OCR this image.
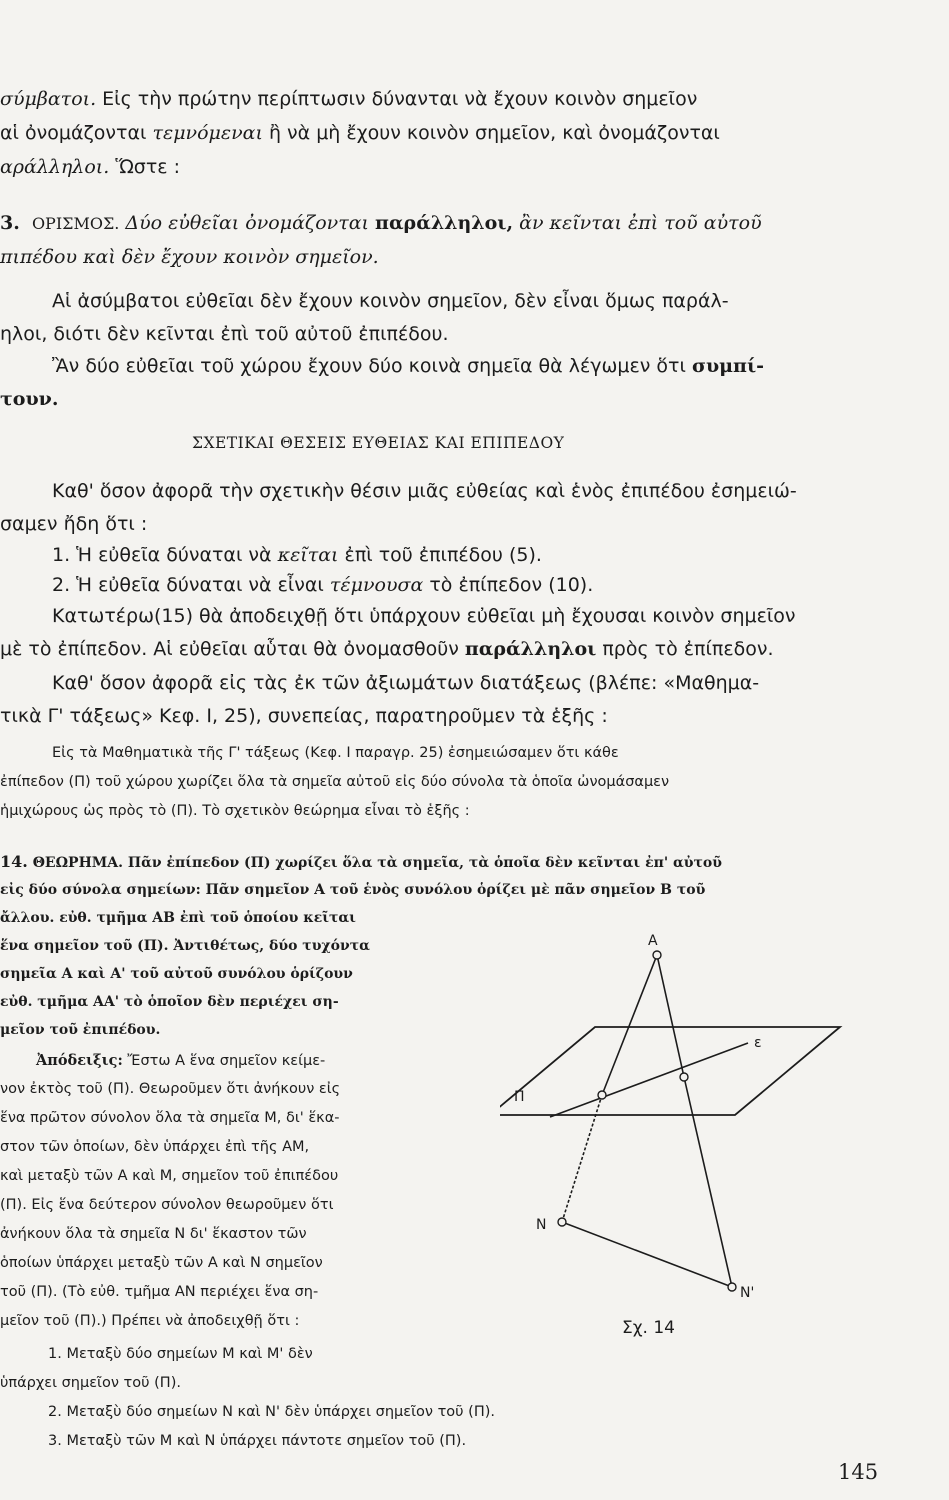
σύμβατοι. Εἰς τὴν πρώτην περίπτωσιν δύνανται νὰ ἔχουν κοινὸν σημεῖον

αἱ ὀνομάζονται τεμνόμεναι ἢ νὰ μὴ ἔχουν κοινὸν σημεῖον, καὶ ὀνομάζονται

αράλληλοι. Ὥστε :

3. ΟΡΙΣΜΟΣ. Δύο εὐθεῖαι ὀνομάζονται παράλληλοι, ἂν κεῖνται ἐπὶ τοῦ αὐτοῦ

πιπέδου καὶ δὲν ἔχουν κοινὸν σημεῖον.

Αἱ ἀσύμβατοι εὐθεῖαι δὲν ἔχουν κοινὸν σημεῖον, δὲν εἶναι ὅμως παράλ-

ηλοι, διότι δὲν κεῖνται ἐπὶ τοῦ αὐτοῦ ἐπιπέδου.

Ἂν δύο εὐθεῖαι τοῦ χώρου ἔχουν δύο κοινὰ σημεῖα θὰ λέγωμεν ὅτι συμπί-

τουν.

ΣΧΕΤΙΚΑΙ ΘΕΣΕΙΣ ΕΥΘΕΙΑΣ ΚΑΙ ΕΠΙΠΕΔΟΥ

Καθ' ὅσον ἀφορᾶ τὴν σχετικὴν θέσιν μιᾶς εὐθείας καὶ ἑνὸς ἐπιπέδου ἐσημειώ-

σαμεν ἤδη ὅτι :

1. Ἡ εὐθεῖα δύναται νὰ κεῖται ἐπὶ τοῦ ἐπιπέδου (5).

2. Ἡ εὐθεῖα δύναται νὰ εἶναι τέμνουσα τὸ ἐπίπεδον (10).

Κατωτέρω(15) θὰ ἀποδειχθῇ ὅτι ὑπάρχουν εὐθεῖαι μὴ ἔχουσαι κοινὸν σημεῖον

μὲ τὸ ἐπίπεδον. Αἱ εὐθεῖαι αὗται θὰ ὀνομασθοῦν παράλληλοι πρὸς τὸ ἐπίπεδον.

Καθ' ὅσον ἀφορᾶ εἰς τὰς ἐκ τῶν ἀξιωμάτων διατάξεως (βλέπε: «Μαθημα-

τικὰ Γ' τάξεως» Κεφ. Ι, 25), συνεπείας, παρατηροῦμεν τὰ ἑξῆς :

Εἰς τὰ Μαθηματικὰ τῆς Γ' τάξεως (Κεφ. Ι παραγρ. 25) ἐσημειώσαμεν ὅτι κάθε

ἐπίπεδον (Π) τοῦ χώρου χωρίζει ὅλα τὰ σημεῖα αὐτοῦ εἰς δύο σύνολα τὰ ὁποῖα ὠνομάσαμεν

ἡμιχώρους ὡς πρὸς τὸ (Π). Τὸ σχετικὸν θεώρημα εἶναι τὸ ἑξῆς :

14. ΘΕΩΡΗΜΑ. Πᾶν ἐπίπεδον (Π) χωρίζει ὅλα τὰ σημεῖα, τὰ ὁποῖα δὲν κεῖνται ἐπ' αὐτοῦ

εἰς δύο σύνολα σημείων: Πᾶν σημεῖον Α τοῦ ἑνὸς συνόλου ὁρίζει μὲ πᾶν σημεῖον Β τοῦ

ἄλλου. εὐθ. τμῆμα ΑΒ ἐπὶ τοῦ ὁποίου κεῖται

ἕνα σημεῖον τοῦ (Π). Ἀντιθέτως, δύο τυχόντα

σημεῖα Α καὶ Α' τοῦ αὐτοῦ συνόλου ὁρίζουν

εὐθ. τμῆμα ΑΑ' τὸ ὁποῖον δὲν περιέχει ση-

μεῖον τοῦ ἐπιπέδου.

Ἀπόδειξις: Ἔστω Α ἕνα σημεῖον κείμε-

νον ἐκτὸς τοῦ (Π). Θεωροῦμεν ὅτι ἀνήκουν εἰς

ἕνα πρῶτον σύνολον ὅλα τὰ σημεῖα Μ, δι' ἕκα-

στον τῶν ὁποίων, δὲν ὑπάρχει ἐπὶ τῆς ΑΜ,

καὶ μεταξὺ τῶν Α καὶ Μ, σημεῖον τοῦ ἐπιπέδου

(Π). Εἰς ἕνα δεύτερον σύνολον θεωροῦμεν ὅτι

ἀνήκουν ὅλα τὰ σημεῖα Ν δι' ἕκαστον τῶν

ὁποίων ὑπάρχει μεταξὺ τῶν Α καὶ Ν σημεῖον

τοῦ (Π). (Τὸ εὐθ. τμῆμα ΑΝ περιέχει ἕνα ση-

μεῖον τοῦ (Π).) Πρέπει νὰ ἀποδειχθῇ ὅτι :

1. Μεταξὺ δύο σημείων Μ καὶ Μ' δὲν

ὑπάρχει σημεῖον τοῦ (Π).

2. Μεταξὺ δύο σημείων Ν καὶ Ν' δὲν ὑπάρχει σημεῖον τοῦ (Π).

3. Μεταξὺ τῶν Μ καὶ Ν ὑπάρχει πάντοτε σημεῖον τοῦ (Π).

Α
ε
Π
Ν
Ν'

Σχ. 14

145
